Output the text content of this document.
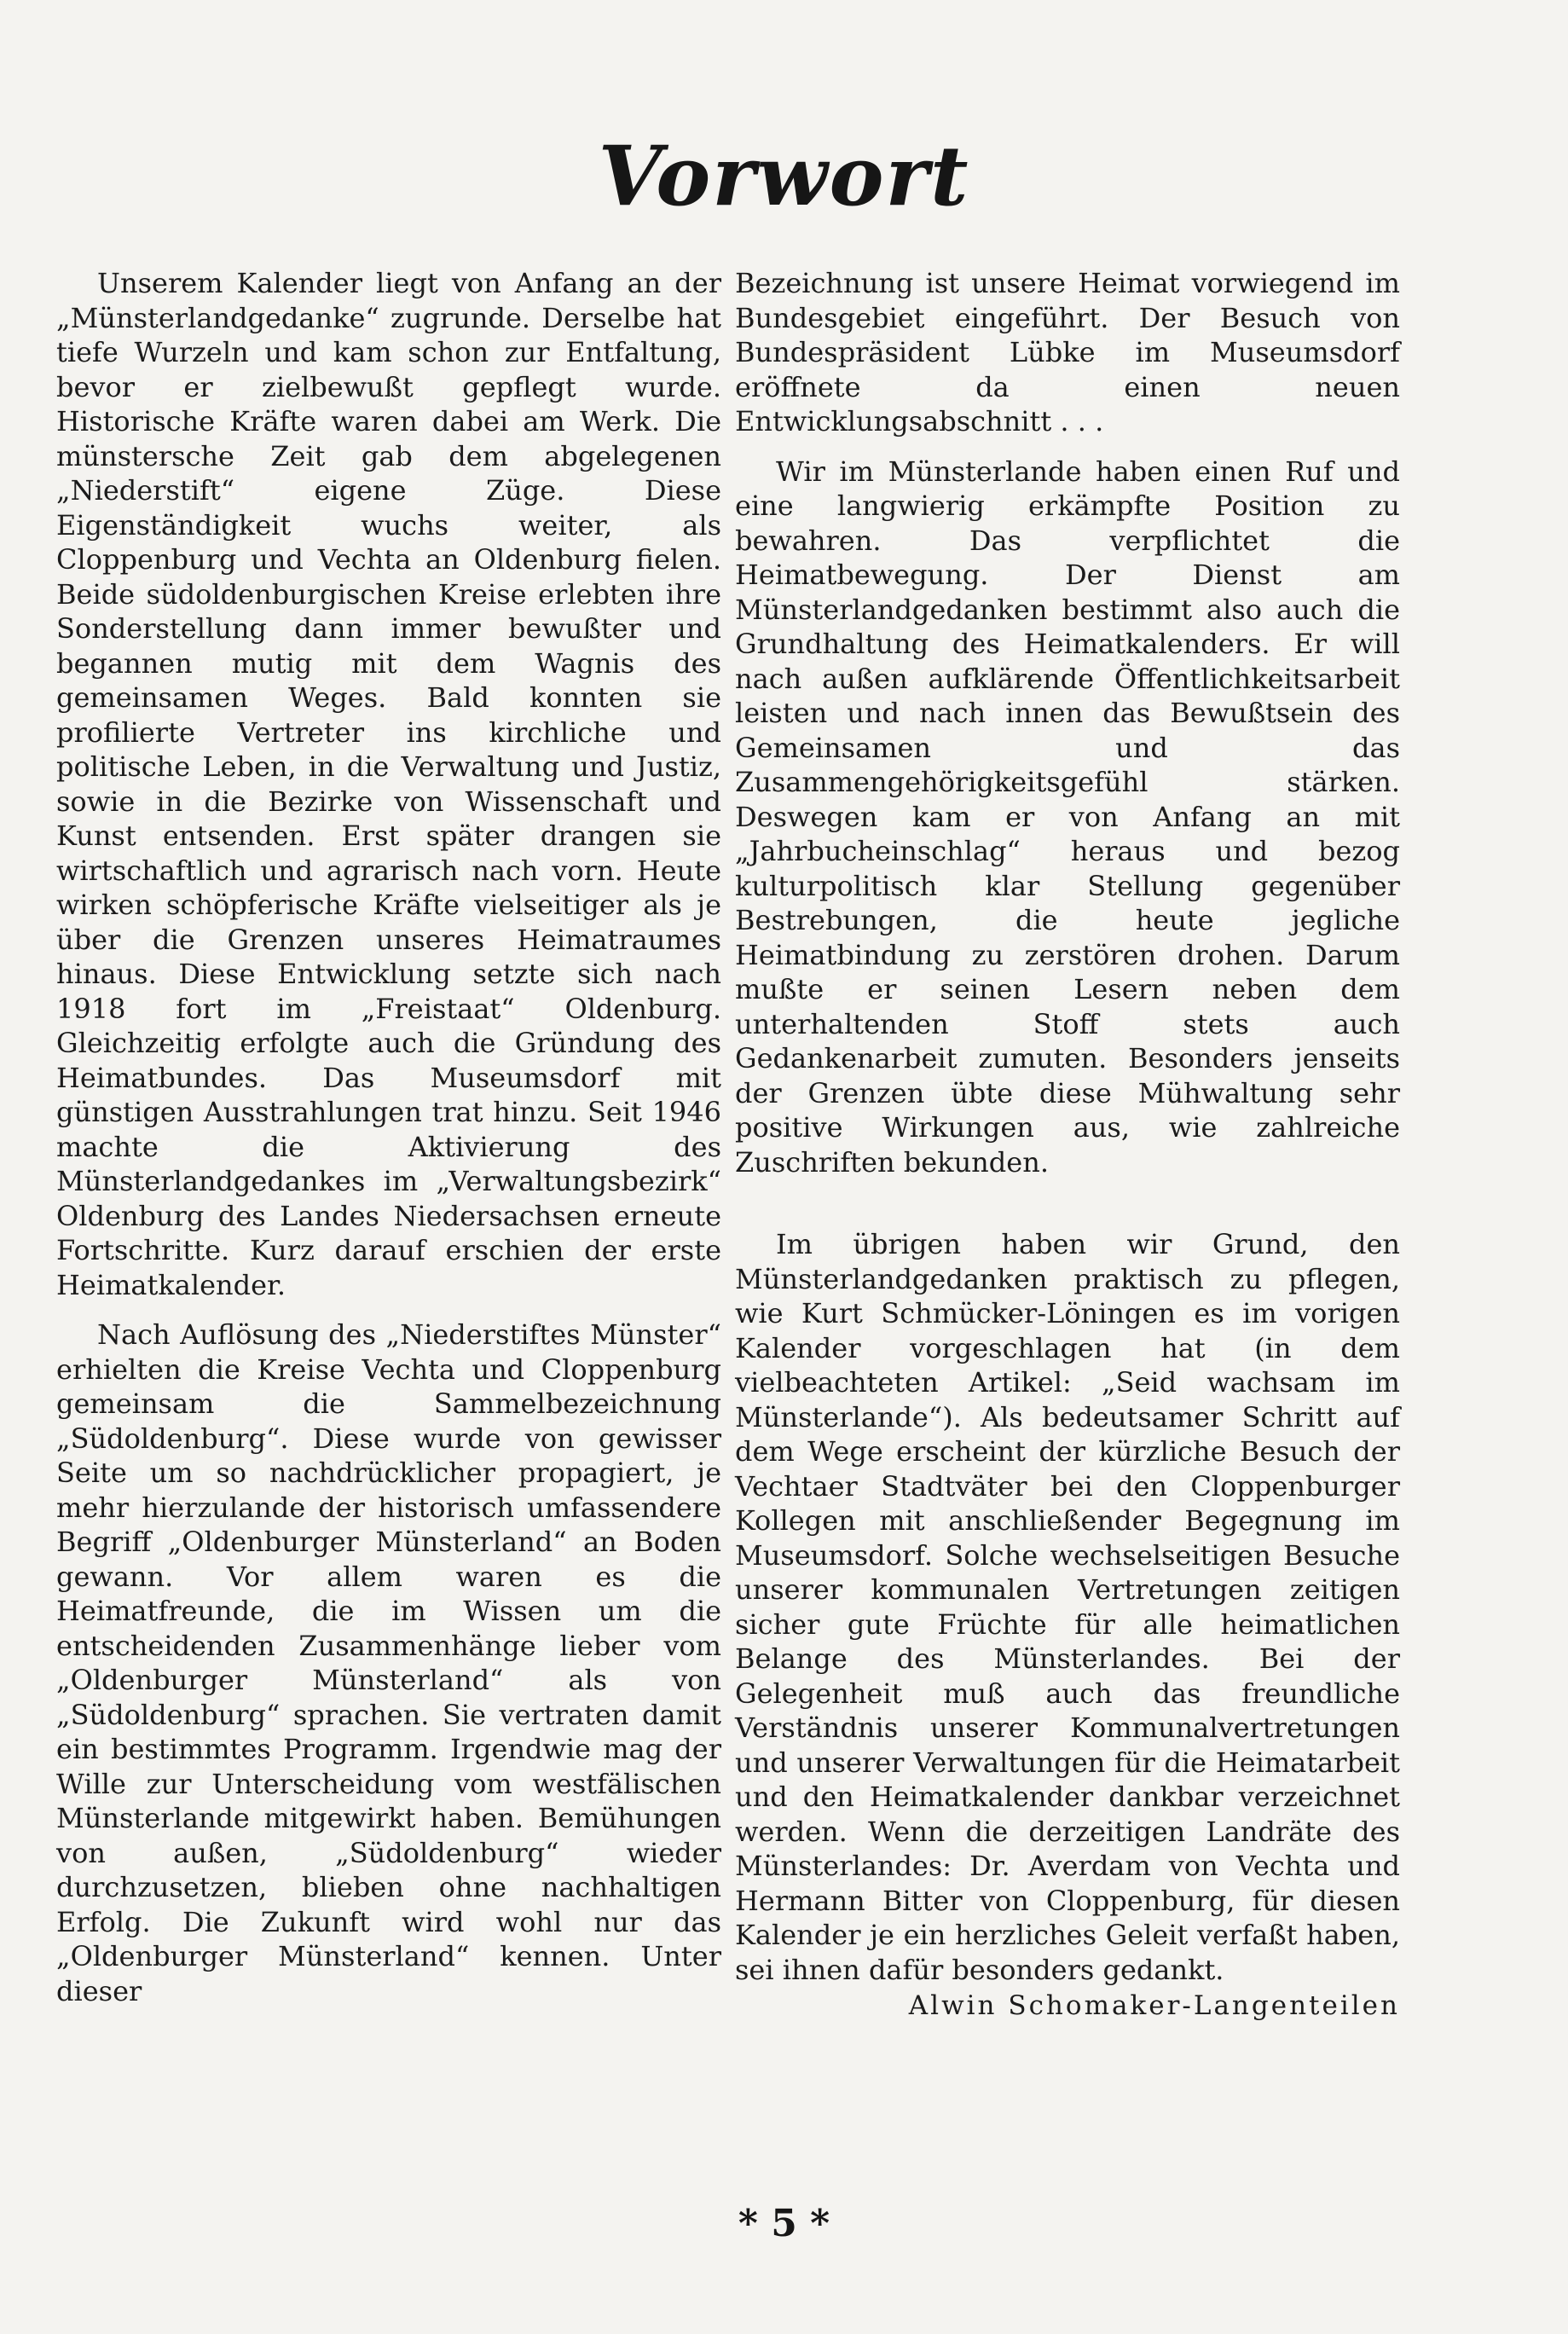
Vorwort

Unserem Kalender liegt von Anfang an der „Münsterlandgedanke“ zugrunde. Derselbe hat tiefe Wurzeln und kam schon zur Entfaltung, bevor er zielbewußt gepflegt wurde. Historische Kräfte waren dabei am Werk. Die münstersche Zeit gab dem abgelegenen „Niederstift“ eigene Züge. Diese Eigenständigkeit wuchs weiter, als Cloppenburg und Vechta an Oldenburg fielen. Beide südoldenburgischen Kreise erlebten ihre Sonderstellung dann immer bewußter und begannen mutig mit dem Wagnis des gemeinsamen Weges. Bald konnten sie profilierte Vertreter ins kirchliche und politische Leben, in die Verwaltung und Justiz, sowie in die Bezirke von Wissenschaft und Kunst entsenden. Erst später drangen sie wirtschaftlich und agrarisch nach vorn. Heute wirken schöpferische Kräfte vielseitiger als je über die Grenzen unseres Heimatraumes hinaus. Diese Entwicklung setzte sich nach 1918 fort im „Freistaat“ Oldenburg. Gleichzeitig erfolgte auch die Gründung des Heimatbundes. Das Museumsdorf mit günstigen Ausstrahlungen trat hinzu. Seit 1946 machte die Aktivierung des Münsterlandgedankes im „Verwaltungsbezirk“ Oldenburg des Landes Niedersachsen erneute Fortschritte. Kurz darauf erschien der erste Heimatkalender.

Nach Auflösung des „Niederstiftes Münster“ erhielten die Kreise Vechta und Cloppenburg gemeinsam die Sammelbezeichnung „Südoldenburg“. Diese wurde von gewisser Seite um so nachdrücklicher propagiert, je mehr hierzulande der historisch umfassendere Begriff „Oldenburger Münsterland“ an Boden gewann. Vor allem waren es die Heimatfreunde, die im Wissen um die entscheidenden Zusammenhänge lieber vom „Oldenburger Münsterland“ als von „Südoldenburg“ sprachen. Sie vertraten damit ein bestimmtes Programm. Irgendwie mag der Wille zur Unterscheidung vom westfälischen Münsterlande mitgewirkt haben. Bemühungen von außen, „Südoldenburg“ wieder durchzusetzen, blieben ohne nachhaltigen Erfolg. Die Zukunft wird wohl nur das „Oldenburger Münsterland“ kennen. Unter dieser

Bezeichnung ist unsere Heimat vorwiegend im Bundesgebiet eingeführt. Der Besuch von Bundespräsident Lübke im Museumsdorf eröffnete da einen neuen Entwicklungsabschnitt . . .

Wir im Münsterlande haben einen Ruf und eine langwierig erkämpfte Position zu bewahren. Das verpflichtet die Heimatbewegung. Der Dienst am Münsterlandgedanken bestimmt also auch die Grundhaltung des Heimatkalenders. Er will nach außen aufklärende Öffentlichkeitsarbeit leisten und nach innen das Bewußtsein des Gemeinsamen und das Zusammengehörigkeitsgefühl stärken. Deswegen kam er von Anfang an mit „Jahrbucheinschlag“ heraus und bezog kulturpolitisch klar Stellung gegenüber Bestrebungen, die heute jegliche Heimatbindung zu zerstören drohen. Darum mußte er seinen Lesern neben dem unterhaltenden Stoff stets auch Gedankenarbeit zumuten. Besonders jenseits der Grenzen übte diese Mühwaltung sehr positive Wirkungen aus, wie zahlreiche Zuschriften bekunden.

Im übrigen haben wir Grund, den Münsterlandgedanken praktisch zu pflegen, wie Kurt Schmücker-Löningen es im vorigen Kalender vorgeschlagen hat (in dem vielbeachteten Artikel: „Seid wachsam im Münsterlande“). Als bedeutsamer Schritt auf dem Wege erscheint der kürzliche Besuch der Vechtaer Stadtväter bei den Cloppenburger Kollegen mit anschließender Begegnung im Museumsdorf. Solche wechselseitigen Besuche unserer kommunalen Vertretungen zeitigen sicher gute Früchte für alle heimatlichen Belange des Münsterlandes. Bei der Gelegenheit muß auch das freundliche Verständnis unserer Kommunalvertretungen und unserer Verwaltungen für die Heimatarbeit und den Heimatkalender dankbar verzeichnet werden. Wenn die derzeitigen Landräte des Münsterlandes: Dr. Averdam von Vechta und Hermann Bitter von Cloppenburg, für diesen Kalender je ein herzliches Geleit verfaßt haben, sei ihnen dafür besonders gedankt.

Alwin Schomaker-Langenteilen

* 5 *
